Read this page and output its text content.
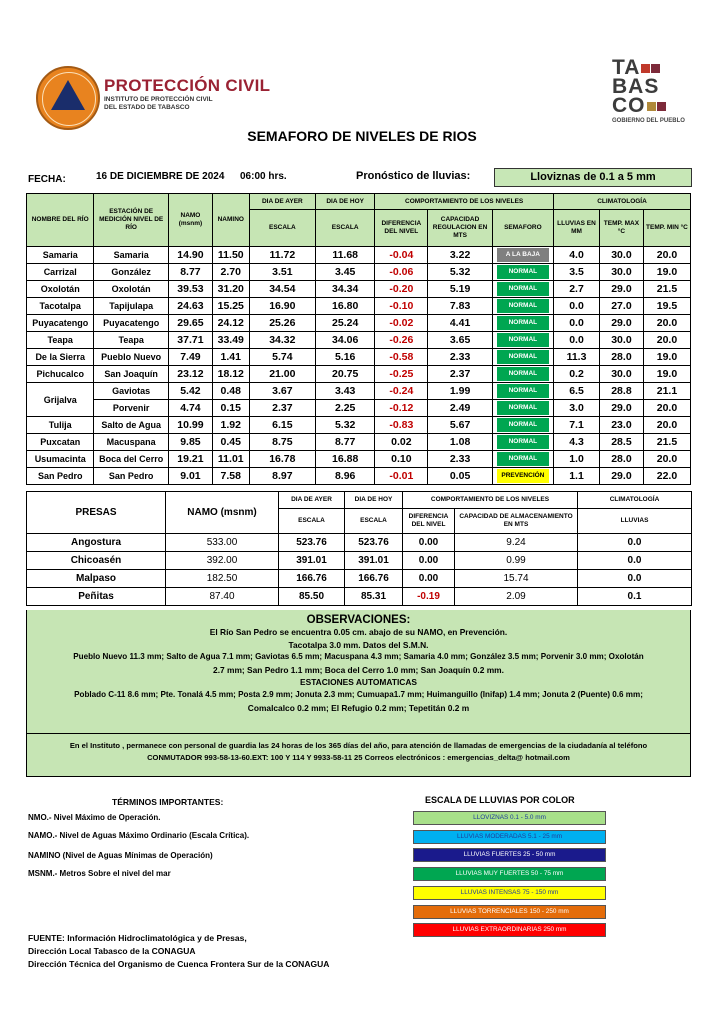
PROTECCIÓN CIVIL
INSTITUTO DE PROTECCIÓN CIVIL
DEL ESTADO DE TABASCO
TA
BAS
CO
GOBIERNO DEL PUEBLO
SEMAFORO DE NIVELES DE RIOS
FECHA:	16 DE DICIEMBRE DE 2024 06:00 hrs.	Pronóstico de lluvias:	Lloviznas de 0.1 a 5 mm
NOMBRE DEL RÍO	ESTACIÓN DE MEDICIÓN NIVEL DE RÍO	NAMO (msnm)	NAMINO	DIA DE AYER	DIA DE HOY	COMPORTAMIENTO DE LOS NIVELES			CLIMATOLOGÍA		
				ESCALA	ESCALA	DIFERENCIA DEL NIVEL	CAPACIDAD REGULACION EN MTS	SEMAFORO	LLUVIAS EN MM	TEMP. MAX °C	TEMP. MIN °C
Samaria	Samaria	14.90	11.50	11.72	11.68	-0.04	3.22	A LA BAJA	4.0	30.0	20.0
Carrizal	González	8.77	2.70	3.51	3.45	-0.06	5.32	NORMAL	3.5	30.0	19.0
Oxolotán	Oxolotán	39.53	31.20	34.54	34.34	-0.20	5.19	NORMAL	2.7	29.0	21.5
Tacotalpa	Tapijulapa	24.63	15.25	16.90	16.80	-0.10	7.83	NORMAL	0.0	27.0	19.5
Puyacatengo	Puyacatengo	29.65	24.12	25.26	25.24	-0.02	4.41	NORMAL	0.0	29.0	20.0
Teapa	Teapa	37.71	33.49	34.32	34.06	-0.26	3.65	NORMAL	0.0	30.0	20.0
De la Sierra	Pueblo Nuevo	7.49	1.41	5.74	5.16	-0.58	2.33	NORMAL	11.3	28.0	19.0
Pichucalco	San Joaquín	23.12	18.12	21.00	20.75	-0.25	2.37	NORMAL	0.2	30.0	19.0
Grijalva	Gaviotas	5.42	0.48	3.67	3.43	-0.24	1.99	NORMAL	6.5	28.8	21.1
	Porvenir	4.74	0.15	2.37	2.25	-0.12	2.49	NORMAL	3.0	29.0	20.0
Tulija	Salto de Agua	10.99	1.92	6.15	5.32	-0.83	5.67	NORMAL	7.1	23.0	20.0
Puxcatan	Macuspana	9.85	0.45	8.75	8.77	0.02	1.08	NORMAL	4.3	28.5	21.5
Usumacinta	Boca del Cerro	19.21	11.01	16.78	16.88	0.10	2.33	NORMAL	1.0	28.0	20.0
San Pedro	San Pedro	9.01	7.58	8.97	8.96	-0.01	0.05	PREVENCIÓN	1.1	29.0	22.0
PRESAS	NAMO (msnm)	DIA DE AYER	DIA DE HOY	COMPORTAMIENTO DE LOS NIVELES		CLIMATOLOGÍA
		ESCALA	ESCALA	DIFERENCIA DEL NIVEL	CAPACIDAD DE ALMACENAMIENTO EN MTS	LLUVIAS
Angostura	533.00	523.76	523.76	0.00	9.24	0.0
Chicoasén	392.00	391.01	391.01	0.00	0.99	0.0
Malpaso	182.50	166.76	166.76	0.00	15.74	0.0
Peñitas	87.40	85.50	85.31	-0.19	2.09	0.1
OBSERVACIONES:

El Río San Pedro se encuentra 0.05 cm. abajo de su NAMO, en Prevención.

Tacotalpa 3.0 mm. Datos del S.M.N.

Pueblo Nuevo 11.3 mm; Salto de Agua 7.1 mm; Gaviotas 6.5 mm; Macuspana 4.3 mm; Samaria 4.0 mm; González 3.5 mm; Porvenir 3.0 mm; Oxolotán

2.7 mm; San Pedro 1.1 mm; Boca del Cerro 1.0 mm; San Joaquín 0.2 mm.

ESTACIONES AUTOMATICAS

Poblado C-11 8.6 mm; Pte. Tonalá 4.5 mm; Posta 2.9 mm; Jonuta 2.3 mm; Cumuapa1.7 mm; Huimanguillo (Inifap) 1.4 mm; Jonuta 2 (Puente) 0.6 mm;

Comalcalco 0.2 mm; El Refugio 0.2 mm; Tepetitán 0.2 m

En el Instituto , permanece con personal de guardia las 24 horas de los 365 días del año, para atención de llamadas de emergencias de la ciudadanía al teléfono

CONMUTADOR 993-58-13-60.EXT: 100 Y 114 Y 9933-58-11 25 Correos electrónicos : emergencias_delta@ hotmail.com

TÉRMINOS IMPORTANTES:
NMO.- Nivel Máximo de Operación.
NAMO.- Nivel de Aguas Máximo Ordinario (Escala Crítica).
NAMINO (Nivel de Aguas Mínimas de Operación)
MSNM.- Metros Sobre el nivel del mar
ESCALA DE LLUVIAS POR COLOR
LLOVIZNAS 0.1 - 5.0 mm
LLUVIAS MODERADAS 5.1 - 25 mm
LLUVIAS FUERTES 25 - 50 mm
LLUVIAS MUY FUERTES 50 - 75 mm
LLUVIAS INTENSAS 75 - 150 mm
LLUVIAS TORRENCIALES 150 - 250 mm
LLUVIAS EXTRAORDINARIAS 250 mm
FUENTE: Información Hidroclimatológica y de Presas,
Dirección Local Tabasco de la CONAGUA
Dirección Técnica del Organismo de Cuenca Frontera Sur de la CONAGUA
